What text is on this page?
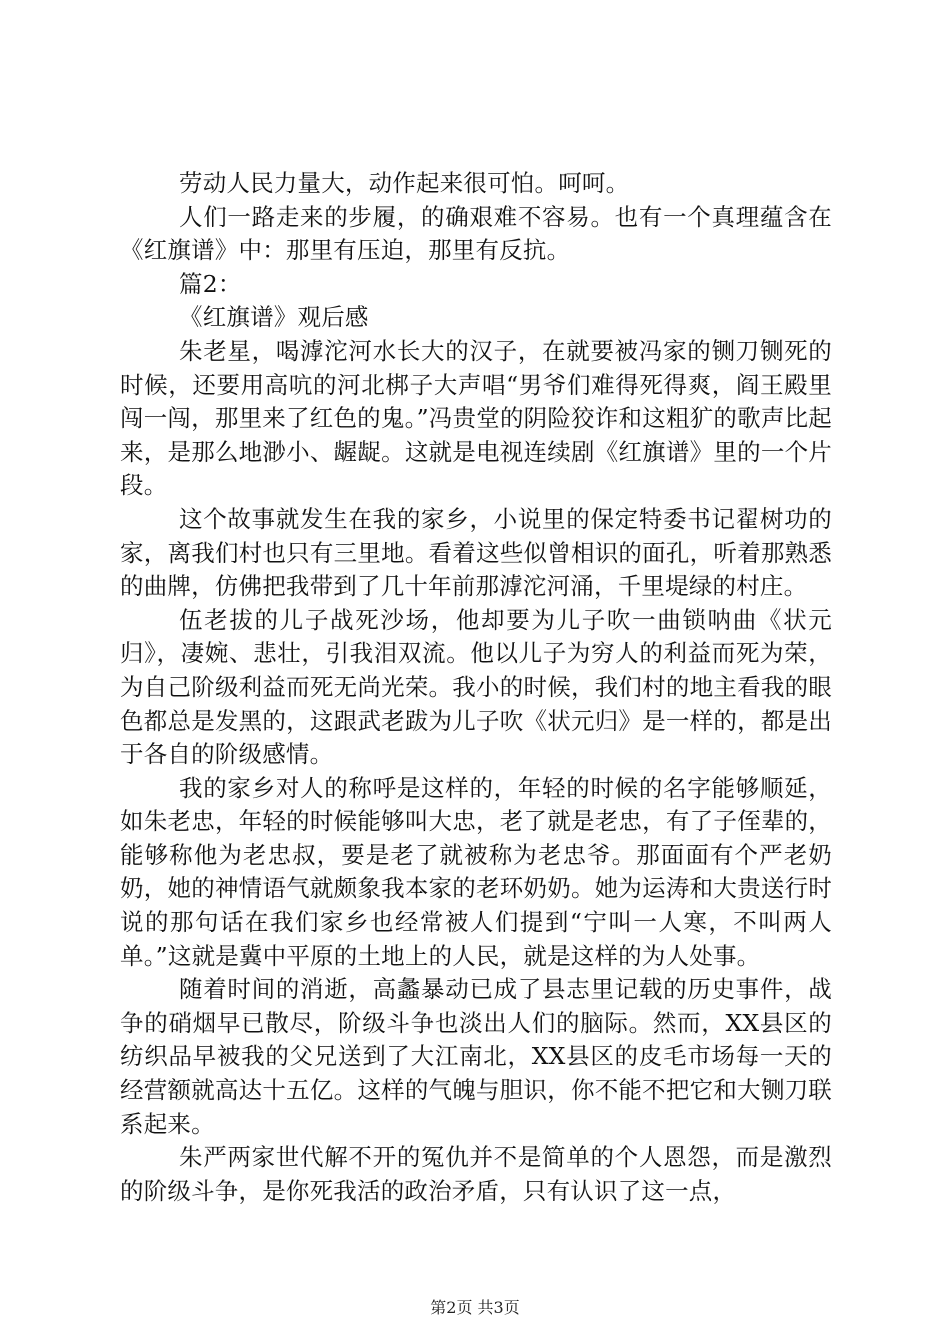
劳动人民力量大，动作起来很可怕。呵呵。

人们一路走来的步履，的确艰难不容易。也有一个真理蕴含在《红旗谱》中：那里有压迫，那里有反抗。

篇2：

《红旗谱》观后感

朱老星，喝滹沱河水长大的汉子，在就要被冯家的铡刀铡死的时候，还要用高吭的河北梆子大声唱“男爷们难得死得爽，阎王殿里闯一闯，那里来了红色的鬼。”冯贵堂的阴险狡诈和这粗犷的歌声比起来，是那么地渺小、龌龊。这就是电视连续剧《红旗谱》里的一个片段。

这个故事就发生在我的家乡，小说里的保定特委书记翟树功的家，离我们村也只有三里地。看着这些似曾相识的面孔，听着那熟悉的曲牌，仿佛把我带到了几十年前那滹沱河涌，千里堤绿的村庄。

伍老拔的儿子战死沙场，他却要为儿子吹一曲锁呐曲《状元归》，凄婉、悲壮，引我泪双流。他以儿子为穷人的利益而死为荣，为自己阶级利益而死无尚光荣。我小的时候，我们村的地主看我的眼色都总是发黑的，这跟武老跋为儿子吹《状元归》是一样的，都是出于各自的阶级感情。

我的家乡对人的称呼是这样的，年轻的时候的名字能够顺延，如朱老忠，年轻的时候能够叫大忠，老了就是老忠，有了子侄辈的，能够称他为老忠叔，要是老了就被称为老忠爷。那面面有个严老奶奶，她的神情语气就颇象我本家的老环奶奶。她为运涛和大贵送行时说的那句话在我们家乡也经常被人们提到“宁叫一人寒，不叫两人单。”这就是冀中平原的土地上的人民，就是这样的为人处事。

随着时间的消逝，高蠡暴动已成了县志里记载的历史事件，战争的硝烟早已散尽，阶级斗争也淡出人们的脑际。然而，XX县区的纺织品早被我的父兄送到了大江南北，XX县区的皮毛市场每一天的经营额就高达十五亿。这样的气魄与胆识，你不能不把它和大铡刀联系起来。

朱严两家世代解不开的冤仇并不是简单的个人恩怨，而是激烈的阶级斗争，是你死我活的政治矛盾，只有认识了这一点，

第2页 共3页
